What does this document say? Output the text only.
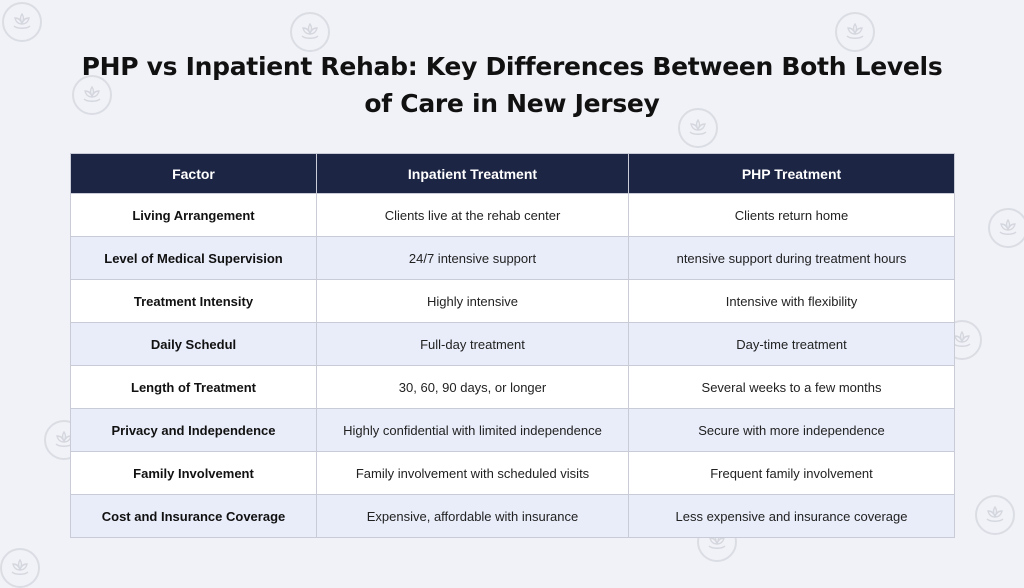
PHP vs Inpatient Rehab: Key Differences Between Both Levels
of Care in New Jersey
Factor	Inpatient Treatment	PHP Treatment
Living Arrangement	Clients live at the rehab center	Clients return home
Level of Medical Supervision	24/7 intensive support	ntensive support during treatment hours
Treatment Intensity	Highly intensive	Intensive with flexibility
Daily Schedul	Full-day treatment	Day-time treatment
Length of Treatment	30, 60, 90 days, or longer	Several weeks to a few months
Privacy and Independence	Highly confidential with limited independence	Secure with more independence
Family Involvement	Family involvement with scheduled visits	Frequent family involvement
Cost and Insurance Coverage	Expensive, affordable with insurance	Less expensive and insurance coverage
